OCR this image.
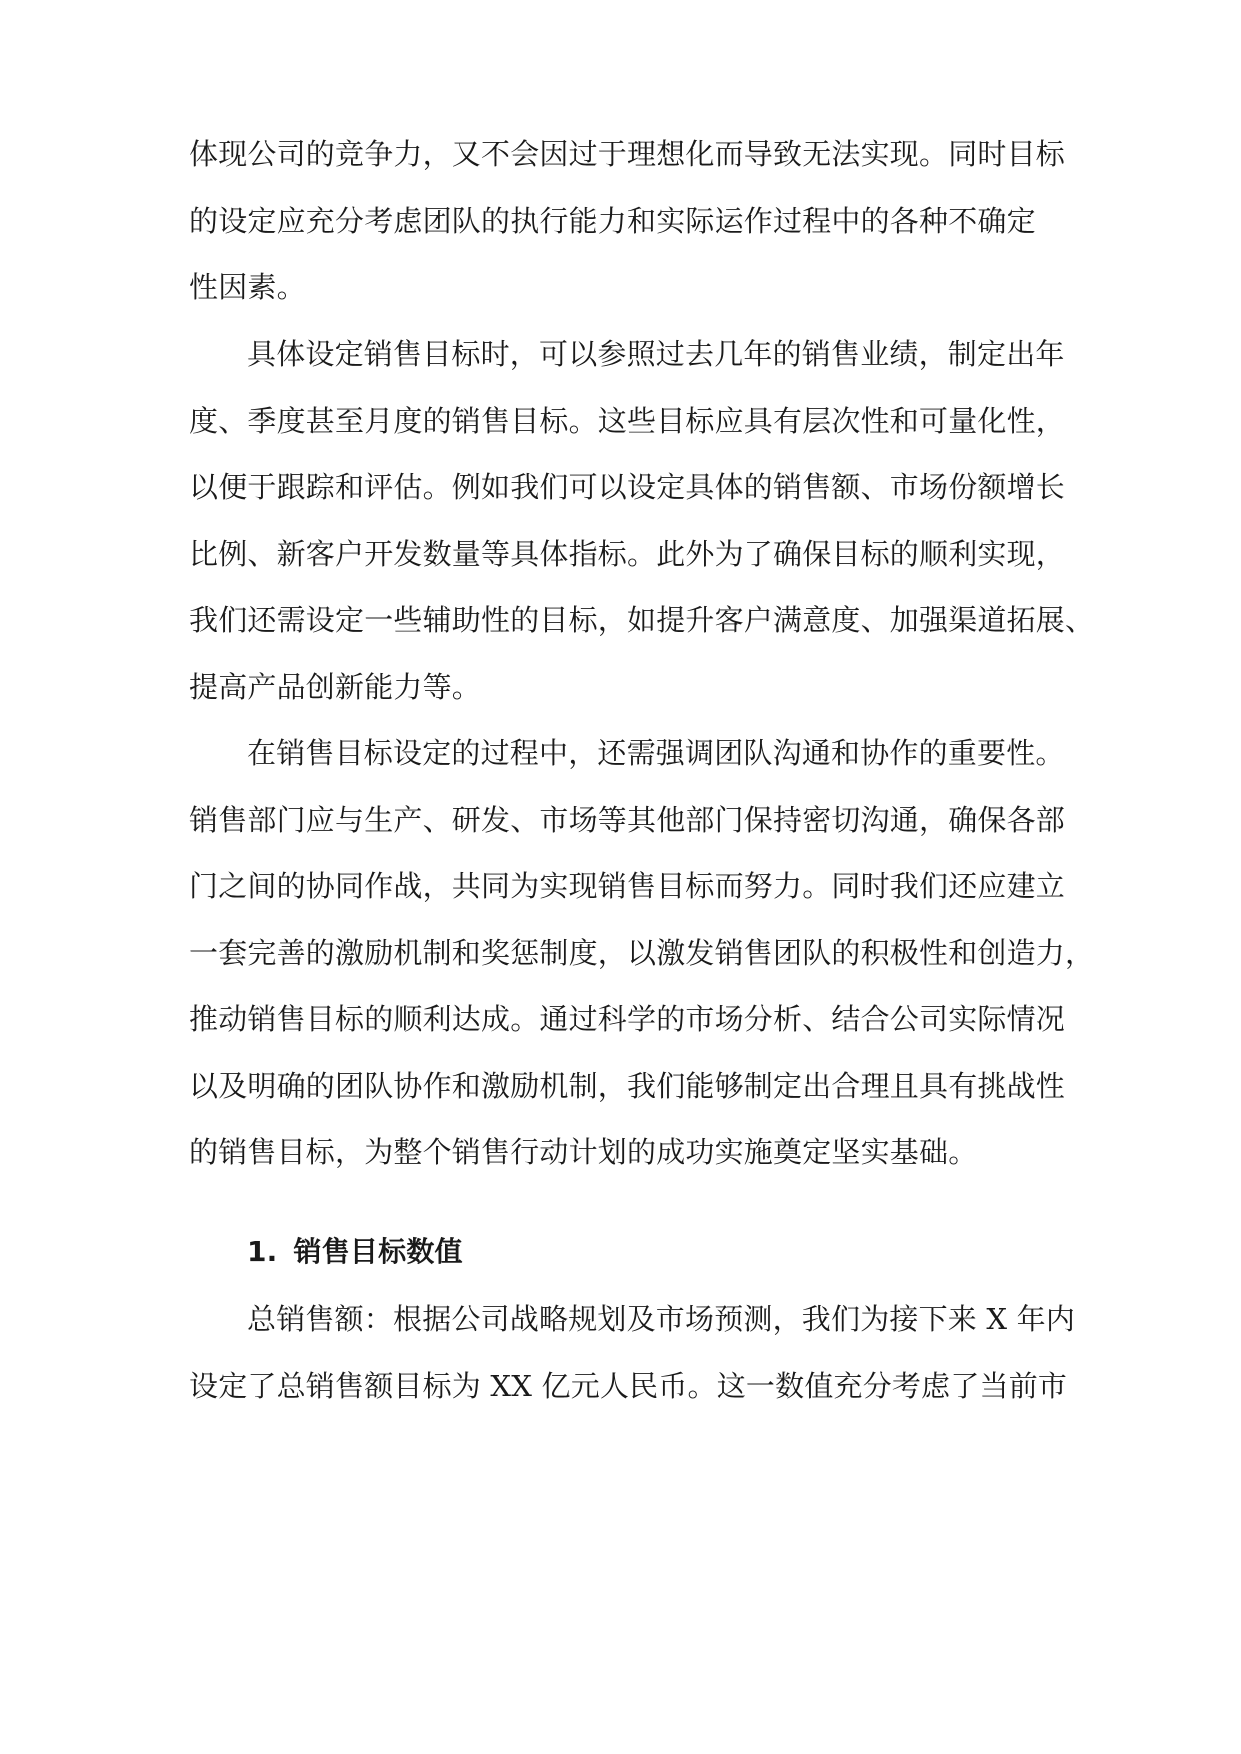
体现公司的竞争力，又不会因过于理想化而导致无法实现。同时目标
的设定应充分考虑团队的执行能力和实际运作过程中的各种不确定
性因素。
具体设定销售目标时，可以参照过去几年的销售业绩，制定出年
度、季度甚至月度的销售目标。这些目标应具有层次性和可量化性，
以便于跟踪和评估。例如我们可以设定具体的销售额、市场份额增长
比例、新客户开发数量等具体指标。此外为了确保目标的顺利实现，
我们还需设定一些辅助性的目标，如提升客户满意度、加强渠道拓展、
提高产品创新能力等。
在销售目标设定的过程中，还需强调团队沟通和协作的重要性。
销售部门应与生产、研发、市场等其他部门保持密切沟通，确保各部
门之间的协同作战，共同为实现销售目标而努力。同时我们还应建立
一套完善的激励机制和奖惩制度，以激发销售团队的积极性和创造力，
推动销售目标的顺利达成。通过科学的市场分析、结合公司实际情况
以及明确的团队协作和激励机制，我们能够制定出合理且具有挑战性
的销售目标，为整个销售行动计划的成功实施奠定坚实基础。
1. 销售目标数值
总销售额：根据公司战略规划及市场预测，我们为接下来 X 年内
设定了总销售额目标为 XX 亿元人民币。这一数值充分考虑了当前市
